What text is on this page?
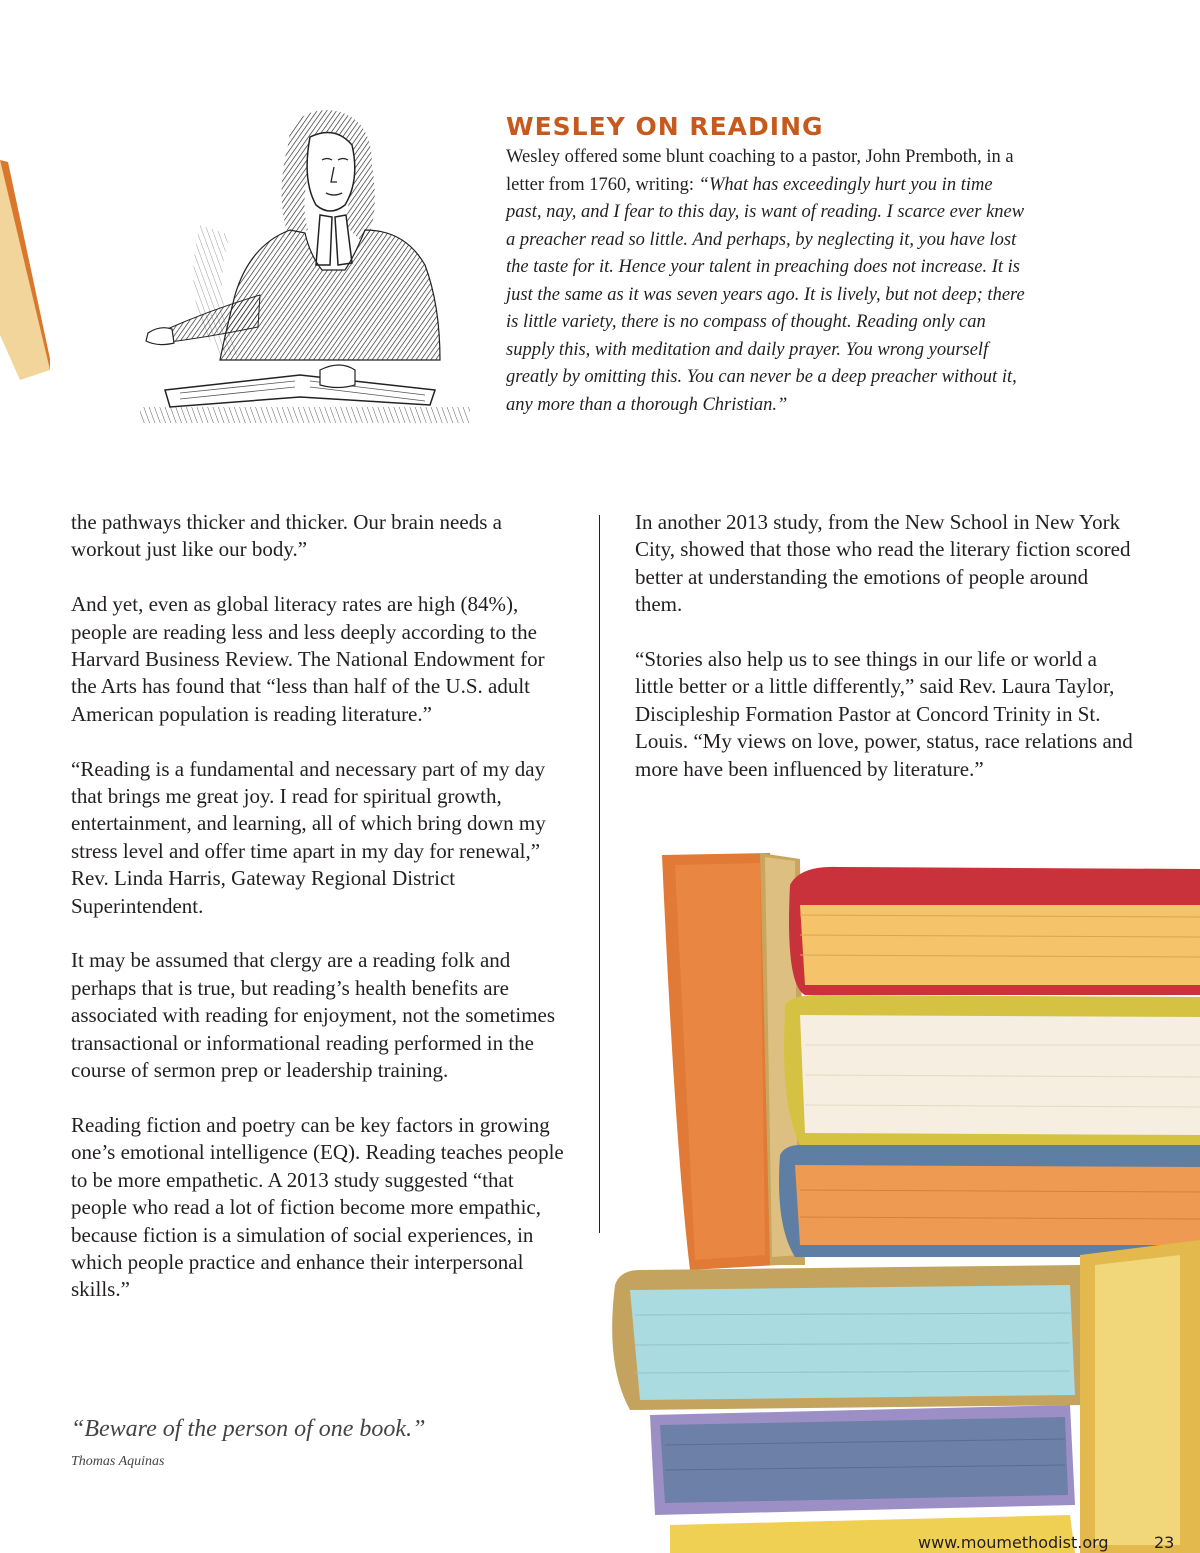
WESLEY ON READING

Wesley offered some blunt coaching to a pastor, John Premboth, in a letter from 1760, writing: “What has exceedingly hurt you in time past, nay, and I fear to this day, is want of reading. I scarce ever knew a preacher read so little. And perhaps, by neglecting it, you have lost the taste for it. Hence your talent in preaching does not increase. It is just the same as it was seven years ago. It is lively, but not deep; there is little variety, there is no compass of thought. Reading only can supply this, with meditation and daily prayer. You wrong yourself greatly by omitting this. You can never be a deep preacher without it, any more than a thorough Christian.”

the pathways thicker and thicker. Our brain needs a workout just like our body.”

And yet, even as global literacy rates are high (84%), people are reading less and less deeply according to the Harvard Business Review. The National Endowment for the Arts has found that “less than half of the U.S. adult American population is reading literature.”

“Reading is a fundamental and necessary part of my day that brings me great joy. I read for spiritual growth, entertainment, and learning, all of which bring down my stress level and offer time apart in my day for renewal,” Rev. Linda Harris, Gateway Regional District Superintendent.

It may be assumed that clergy are a reading folk and perhaps that is true, but reading’s health benefits are associated with reading for enjoyment, not the sometimes transactional or informational reading performed in the course of sermon prep or leadership training.

Reading fiction and poetry can be key factors in growing one’s emotional intelligence (EQ). Reading teaches people to be more empathetic. A 2013 study suggested “that people who read a lot of fiction become more empathic, because fiction is a simulation of social experiences, in which people practice and enhance their interpersonal skills.”

In another 2013 study, from the New School in New York City, showed that those who read the literary fiction scored better at understanding the emotions of people around them.

“Stories also help us to see things in our life or world a little better or a little differently,” said Rev. Laura Taylor, Discipleship Formation Pastor at Concord Trinity in St. Louis. “My views on love, power, status, race relations and more have been influenced by literature.”

“Beware of the person of one book.”
Thomas Aquinas
www.moumethodist.org	23
